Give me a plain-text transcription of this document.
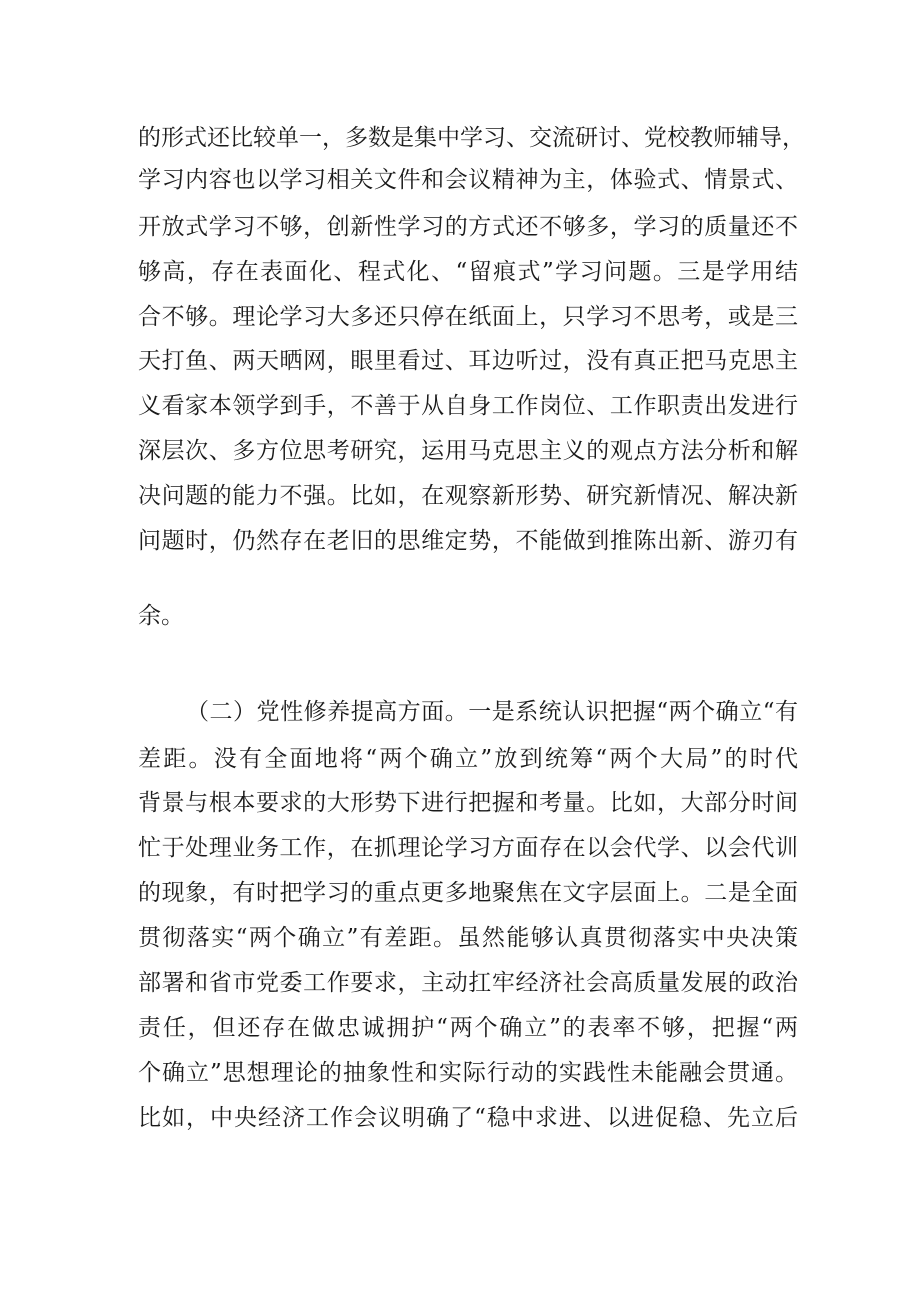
的形式还比较单一，多数是集中学习、交流研讨、党校教师辅导，
学习内容也以学习相关文件和会议精神为主，体验式、情景式、
开放式学习不够，创新性学习的方式还不够多，学习的质量还不
够高，存在表面化、程式化、“留痕式”学习问题。三是学用结
合不够。理论学习大多还只停在纸面上，只学习不思考，或是三
天打鱼、两天晒网，眼里看过、耳边听过，没有真正把马克思主
义看家本领学到手，不善于从自身工作岗位、工作职责出发进行
深层次、多方位思考研究，运用马克思主义的观点方法分析和解
决问题的能力不强。比如，在观察新形势、研究新情况、解决新
问题时，仍然存在老旧的思维定势，不能做到推陈出新、游刃有
余。
（二）党性修养提高方面。一是系统认识把握“两个确立“有
差距。没有全面地将“两个确立”放到统筹“两个大局”的时代
背景与根本要求的大形势下进行把握和考量。比如，大部分时间
忙于处理业务工作，在抓理论学习方面存在以会代学、以会代训
的现象，有时把学习的重点更多地聚焦在文字层面上。二是全面
贯彻落实“两个确立”有差距。虽然能够认真贯彻落实中央决策
部署和省市党委工作要求，主动扛牢经济社会高质量发展的政治
责任，但还存在做忠诚拥护“两个确立”的表率不够，把握“两
个确立”思想理论的抽象性和实际行动的实践性未能融会贯通。
比如，中央经济工作会议明确了“稳中求进、以进促稳、先立后
